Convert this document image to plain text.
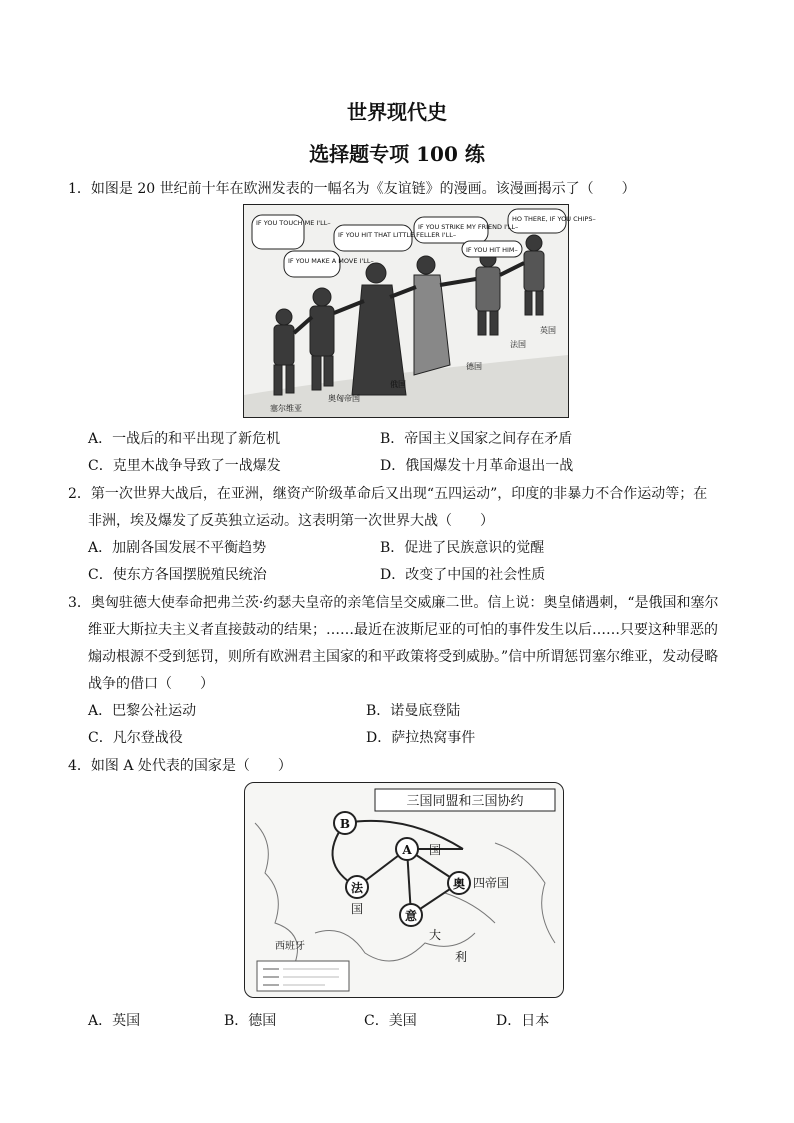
世界现代史
选择题专项 100 练
1．如图是 20 世纪前十年在欧洲发表的一幅名为《友谊链》的漫画。该漫画揭示了（　　）
IF YOU TOUCH ME I'LL–
IF YOU MAKE A MOVE I'LL–
IF YOU HIT THAT LITTLE FELLER I'LL–
IF YOU STRIKE MY FRIEND I'LL–
IF YOU HIT HIM–
HO THERE, IF YOU CHIPS–
塞尔维亚
奥匈帝国
俄国
德国
法国
英国
A．一战后的和平出现了新危机	B．帝国主义国家之间存在矛盾
C．克里木战争导致了一战爆发	D．俄国爆发十月革命退出一战
2．第一次世界大战后，在亚洲，继资产阶级革命后又出现“五四运动”，印度的非暴力不合作运动等；在
非洲，埃及爆发了反英独立运动。这表明第一次世界大战（　　）
A．加剧各国发展不平衡趋势	B．促进了民族意识的觉醒
C．使东方各国摆脱殖民统治	D．改变了中国的社会性质
3．奥匈驻德大使奉命把弗兰茨·约瑟夫皇帝的亲笔信呈交威廉二世。信上说：奥皇储遇刺，“是俄国和塞尔
维亚大斯拉夫主义者直接鼓动的结果；……最近在波斯尼亚的可怕的事件发生以后……只要这种罪恶的
煽动根源不受到惩罚，则所有欧洲君主国家的和平政策将受到威胁。”信中所谓惩罚塞尔维亚，发动侵略
战争的借口（　　）
A．巴黎公社运动	B．诺曼底登陆
C．凡尔登战役	D．萨拉热窝事件
4．如图 A 处代表的国家是（　　）
三国同盟和三国协约
B
A
法	奥
意
国
国
四帝国
大
利
西班牙
A．英国	B．德国	C．美国	D．日本
